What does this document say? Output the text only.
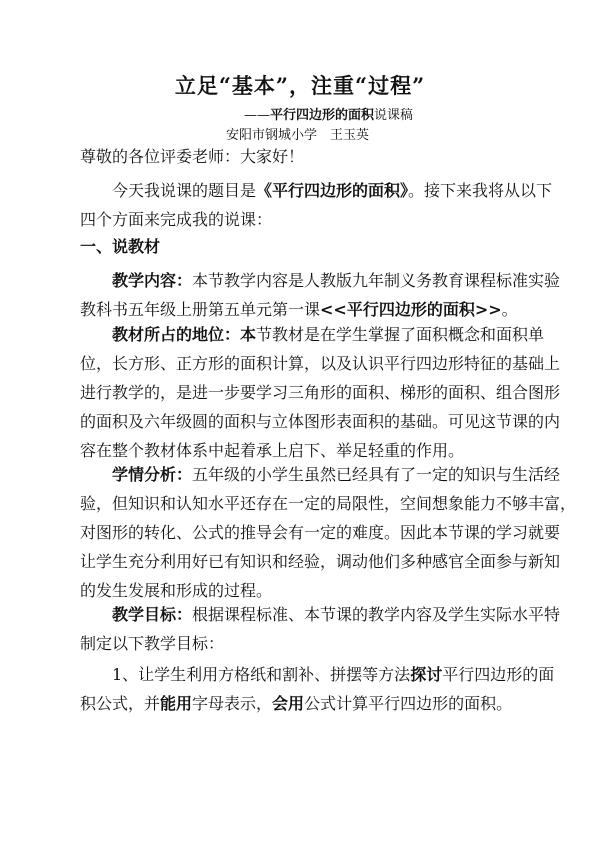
立足“基本”，注重“过程”
——平行四边形的面积说课稿
安阳市钢城小学　王玉英
尊敬的各位评委老师：大家好！
今天我说课的题目是《平行四边形的面积》。接下来我将从以下
四个方面来完成我的说课：
一、说教材
教学内容：本节教学内容是人教版九年制义务教育课程标准实验
教科书五年级上册第五单元第一课<<平行四边形的面积>>。
教材所占的地位：本节教材是在学生掌握了面积概念和面积单
位，长方形、正方形的面积计算，以及认识平行四边形特征的基础上
进行教学的，是进一步要学习三角形的面积、梯形的面积、组合图形
的面积及六年级圆的面积与立体图形表面积的基础。可见这节课的内
容在整个教材体系中起着承上启下、举足轻重的作用。
学情分析：五年级的小学生虽然已经具有了一定的知识与生活经
验，但知识和认知水平还存在一定的局限性，空间想象能力不够丰富，
对图形的转化、公式的推导会有一定的难度。因此本节课的学习就要
让学生充分利用好已有知识和经验，调动他们多种感官全面参与新知
的发生发展和形成的过程。
教学目标：根据课程标准、本节课的教学内容及学生实际水平特
制定以下教学目标：
1、让学生利用方格纸和割补、拼摆等方法探讨平行四边形的面
积公式，并能用字母表示，会用公式计算平行四边形的面积。
